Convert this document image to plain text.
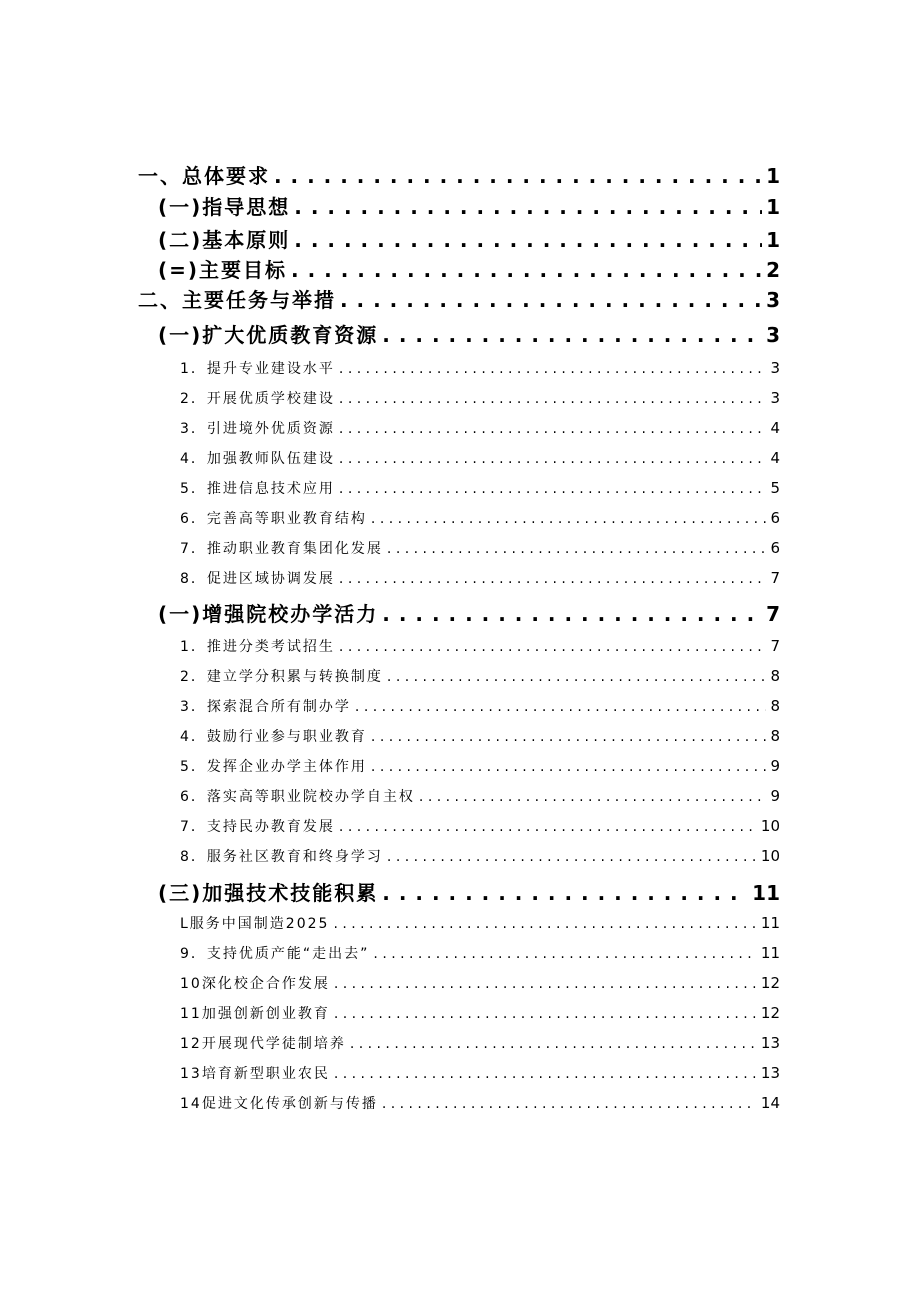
一、总体要求 . . .	1
(一)指导思想 . . .	1
(二)基本原则 . . .	1
(=)主要目标 . . .	2
二、主要任务与举措 . . .	3
(一)扩大优质教育资源 . . .	3
1．提升专业建设水平 . . .	3
2．开展优质学校建设 . . .	3
3．引进境外优质资源 . . .	4
4．加强教师队伍建设 . . .	4
5．推进信息技术应用 . . .	5
6．完善高等职业教育结构 . . .	6
7．推动职业教育集团化发展 . . .	6
8．促进区域协调发展 . . .	7
(一)增强院校办学活力 . . .	7
1．推进分类考试招生 . . .	7
2．建立学分积累与转换制度 . . .	8
3．探索混合所有制办学 . . .	8
4．鼓励行业参与职业教育 . . .	8
5．发挥企业办学主体作用 . . .	9
6．落实高等职业院校办学自主权 . . .	9
7．支持民办教育发展 . . .	10
8．服务社区教育和终身学习 . . .	10
(三)加强技术技能积累 . . .	11
L服务中国制造2025 . . .	11
9．支持优质产能“走出去” . . .	11
10深化校企合作发展 . . .	12
11加强创新创业教育 . . .	12
12开展现代学徒制培养 . . .	13
13培育新型职业农民 . . .	13
14促进文化传承创新与传播 . . .	14
